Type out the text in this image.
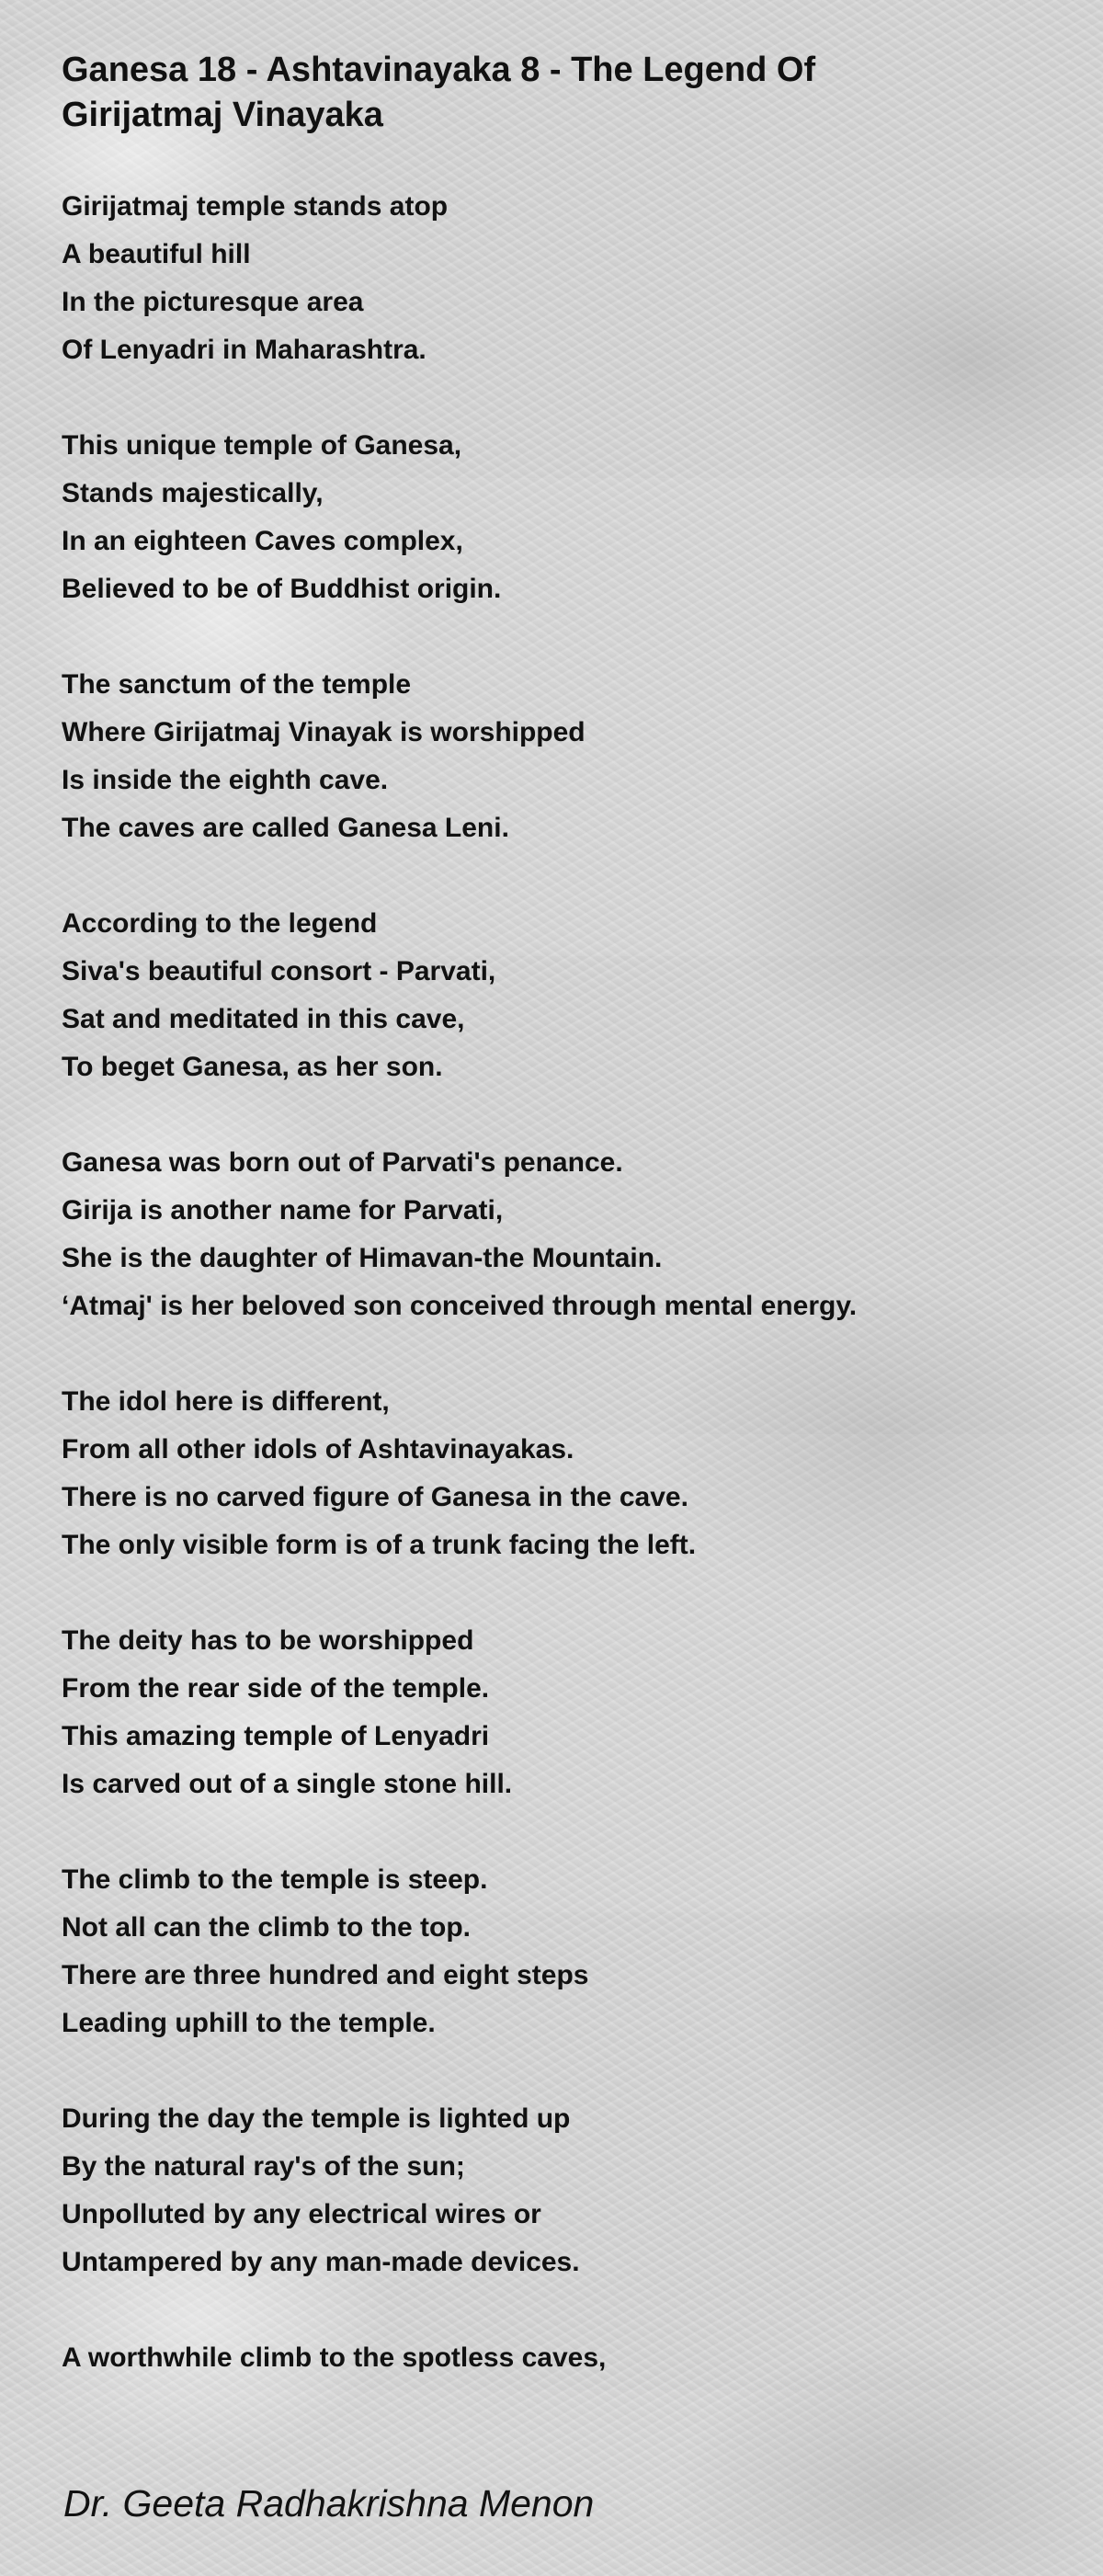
Ganesa 18 - Ashtavinayaka 8 - The Legend Of Girijatmaj Vinayaka
Girijatmaj temple stands atop
A beautiful hill
In the picturesque area
Of Lenyadri in Maharashtra.
This unique temple of Ganesa,
Stands majestically,
In an eighteen Caves complex,
Believed to be of Buddhist origin.
The sanctum of the temple
Where Girijatmaj Vinayak is worshipped
Is inside the eighth cave.
The caves are called Ganesa Leni.
According to the legend
Siva's beautiful consort - Parvati,
Sat and meditated in this cave,
To beget Ganesa, as her son.
Ganesa was born out of Parvati's penance.
Girija is another name for Parvati,
She is the daughter of Himavan-the Mountain.
‘Atmaj' is her beloved son conceived through mental energy.
The idol here is different,
From all other idols of Ashtavinayakas.
There is no carved figure of Ganesa in the cave.
The only visible form is of a trunk facing the left.
The deity has to be worshipped
From the rear side of the temple.
This amazing temple of Lenyadri
Is carved out of a single stone hill.
The climb to the temple is steep.
Not all can the climb to the top.
There are three hundred and eight steps
Leading uphill to the temple.
During the day the temple is lighted up
By the natural ray's of the sun;
Unpolluted by any electrical wires or
Untampered by any man-made devices.
A worthwhile climb to the spotless caves,
Dr. Geeta Radhakrishna Menon
